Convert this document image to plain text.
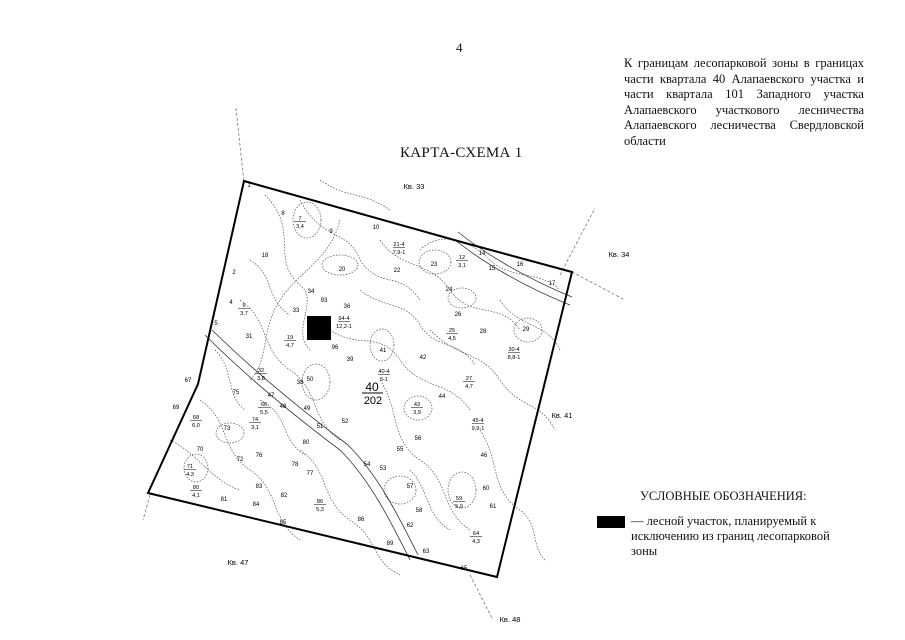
4
К границам лесопарковой зоны в границах части квартала 40 Алапаевского участка и части квартала 101 Западного участка Алапаевского участкового лесничества Алапаевского лесничества Свердловской области
КАРТА-СХЕМА 1
40
202
Кв. 33
Кв. 34
Кв. 41
Кв. 47
Кв. 48
1
2
4
5
8
9
10
14
15
16
17
18
20	22
23
24
26
28	29
31
33
34
36
38
39
41
42
44
46
47
48	49
50
51
52
53
54
55
56
57
58
60
61
62
63
65
67
69
70
72
73
75
76
77
78
80
81
82
83
84
85	86
89
93
96
7
3,4
6
3,7
21-4
7,9-1
12
3,1
94-4
12,2-1
19
4,7
25
4,5
32
3,8
40-4
5-1	27
4,7
30-4
8,8-1
43
3,9
68
6,0
66
5,5
74
3,1
45-4
9,9-1
71
4,3
80
4,1
86
5,3
59
5,9
64
4,3
УСЛОВНЫЕ ОБОЗНАЧЕНИЯ:
— лесной участок, планируемый к исключению из границ лесопарковой зоны
